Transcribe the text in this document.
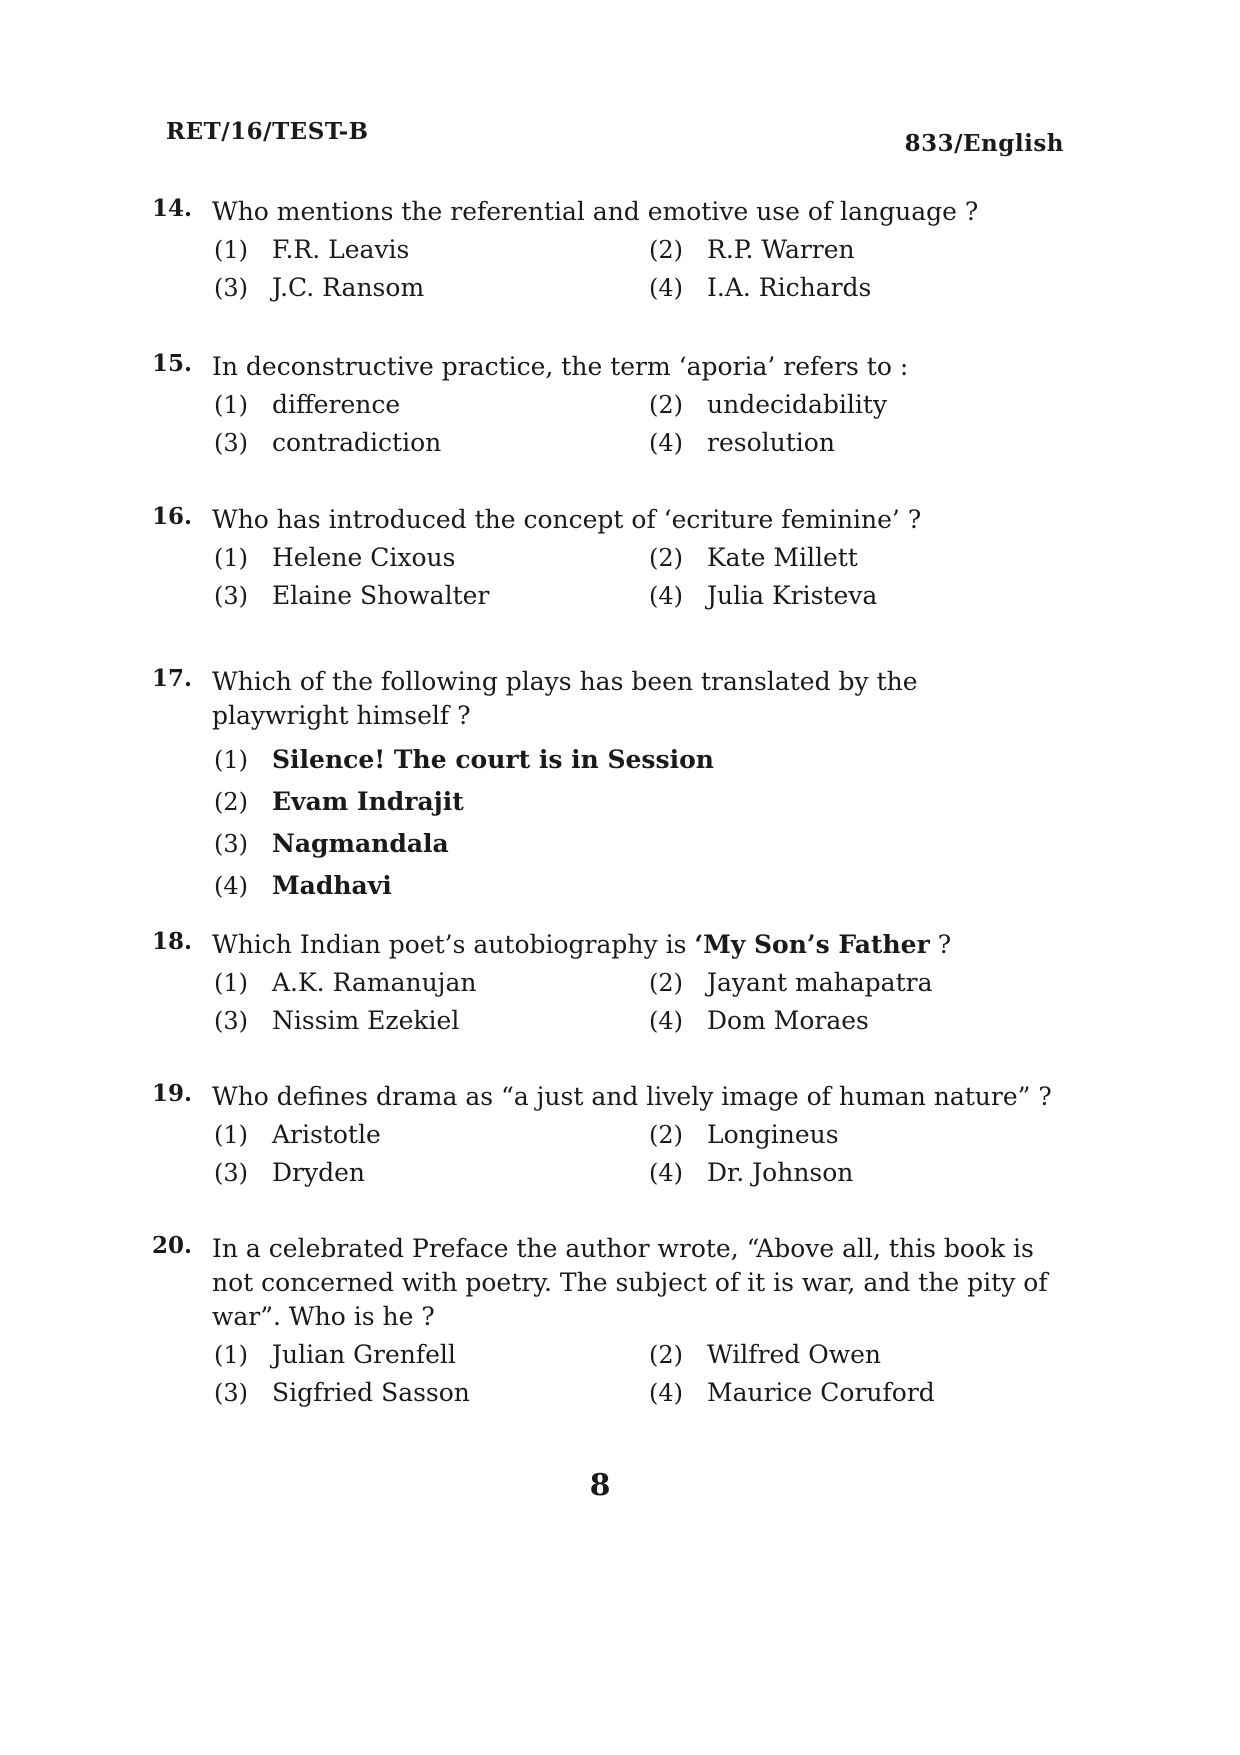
RET/16/TEST-B	833/English
14. Who mentions the referential and emotive use of language ?
(1) F.R. Leavis	(2) R.P. Warren
(3) J.C. Ransom	(4) I.A. Richards
15. In deconstructive practice, the term ‘aporia’ refers to :
(1) difference	(2) undecidability
(3) contradiction	(4) resolution
16. Who has introduced the concept of ‘ecriture feminine’ ?
(1) Helene Cixous	(2) Kate Millett
(3) Elaine Showalter	(4) Julia Kristeva
17. Which of the following plays has been translated by the playwright himself ?
(1) Silence! The court is in Session
(2) Evam Indrajit
(3) Nagmandala
(4) Madhavi
18. Which Indian poet’s autobiography is ‘My Son’s Father ?
(1) A.K. Ramanujan	(2) Jayant mahapatra
(3) Nissim Ezekiel	(4) Dom Moraes
19. Who defines drama as “a just and lively image of human nature” ?
(1) Aristotle	(2) Longineus
(3) Dryden	(4) Dr. Johnson
20. In a celebrated Preface the author wrote, “Above all, this book is not concerned with poetry. The subject of it is war, and the pity of war”. Who is he ?
(1) Julian Grenfell	(2) Wilfred Owen
(3) Sigfried Sasson	(4) Maurice Coruford
8
